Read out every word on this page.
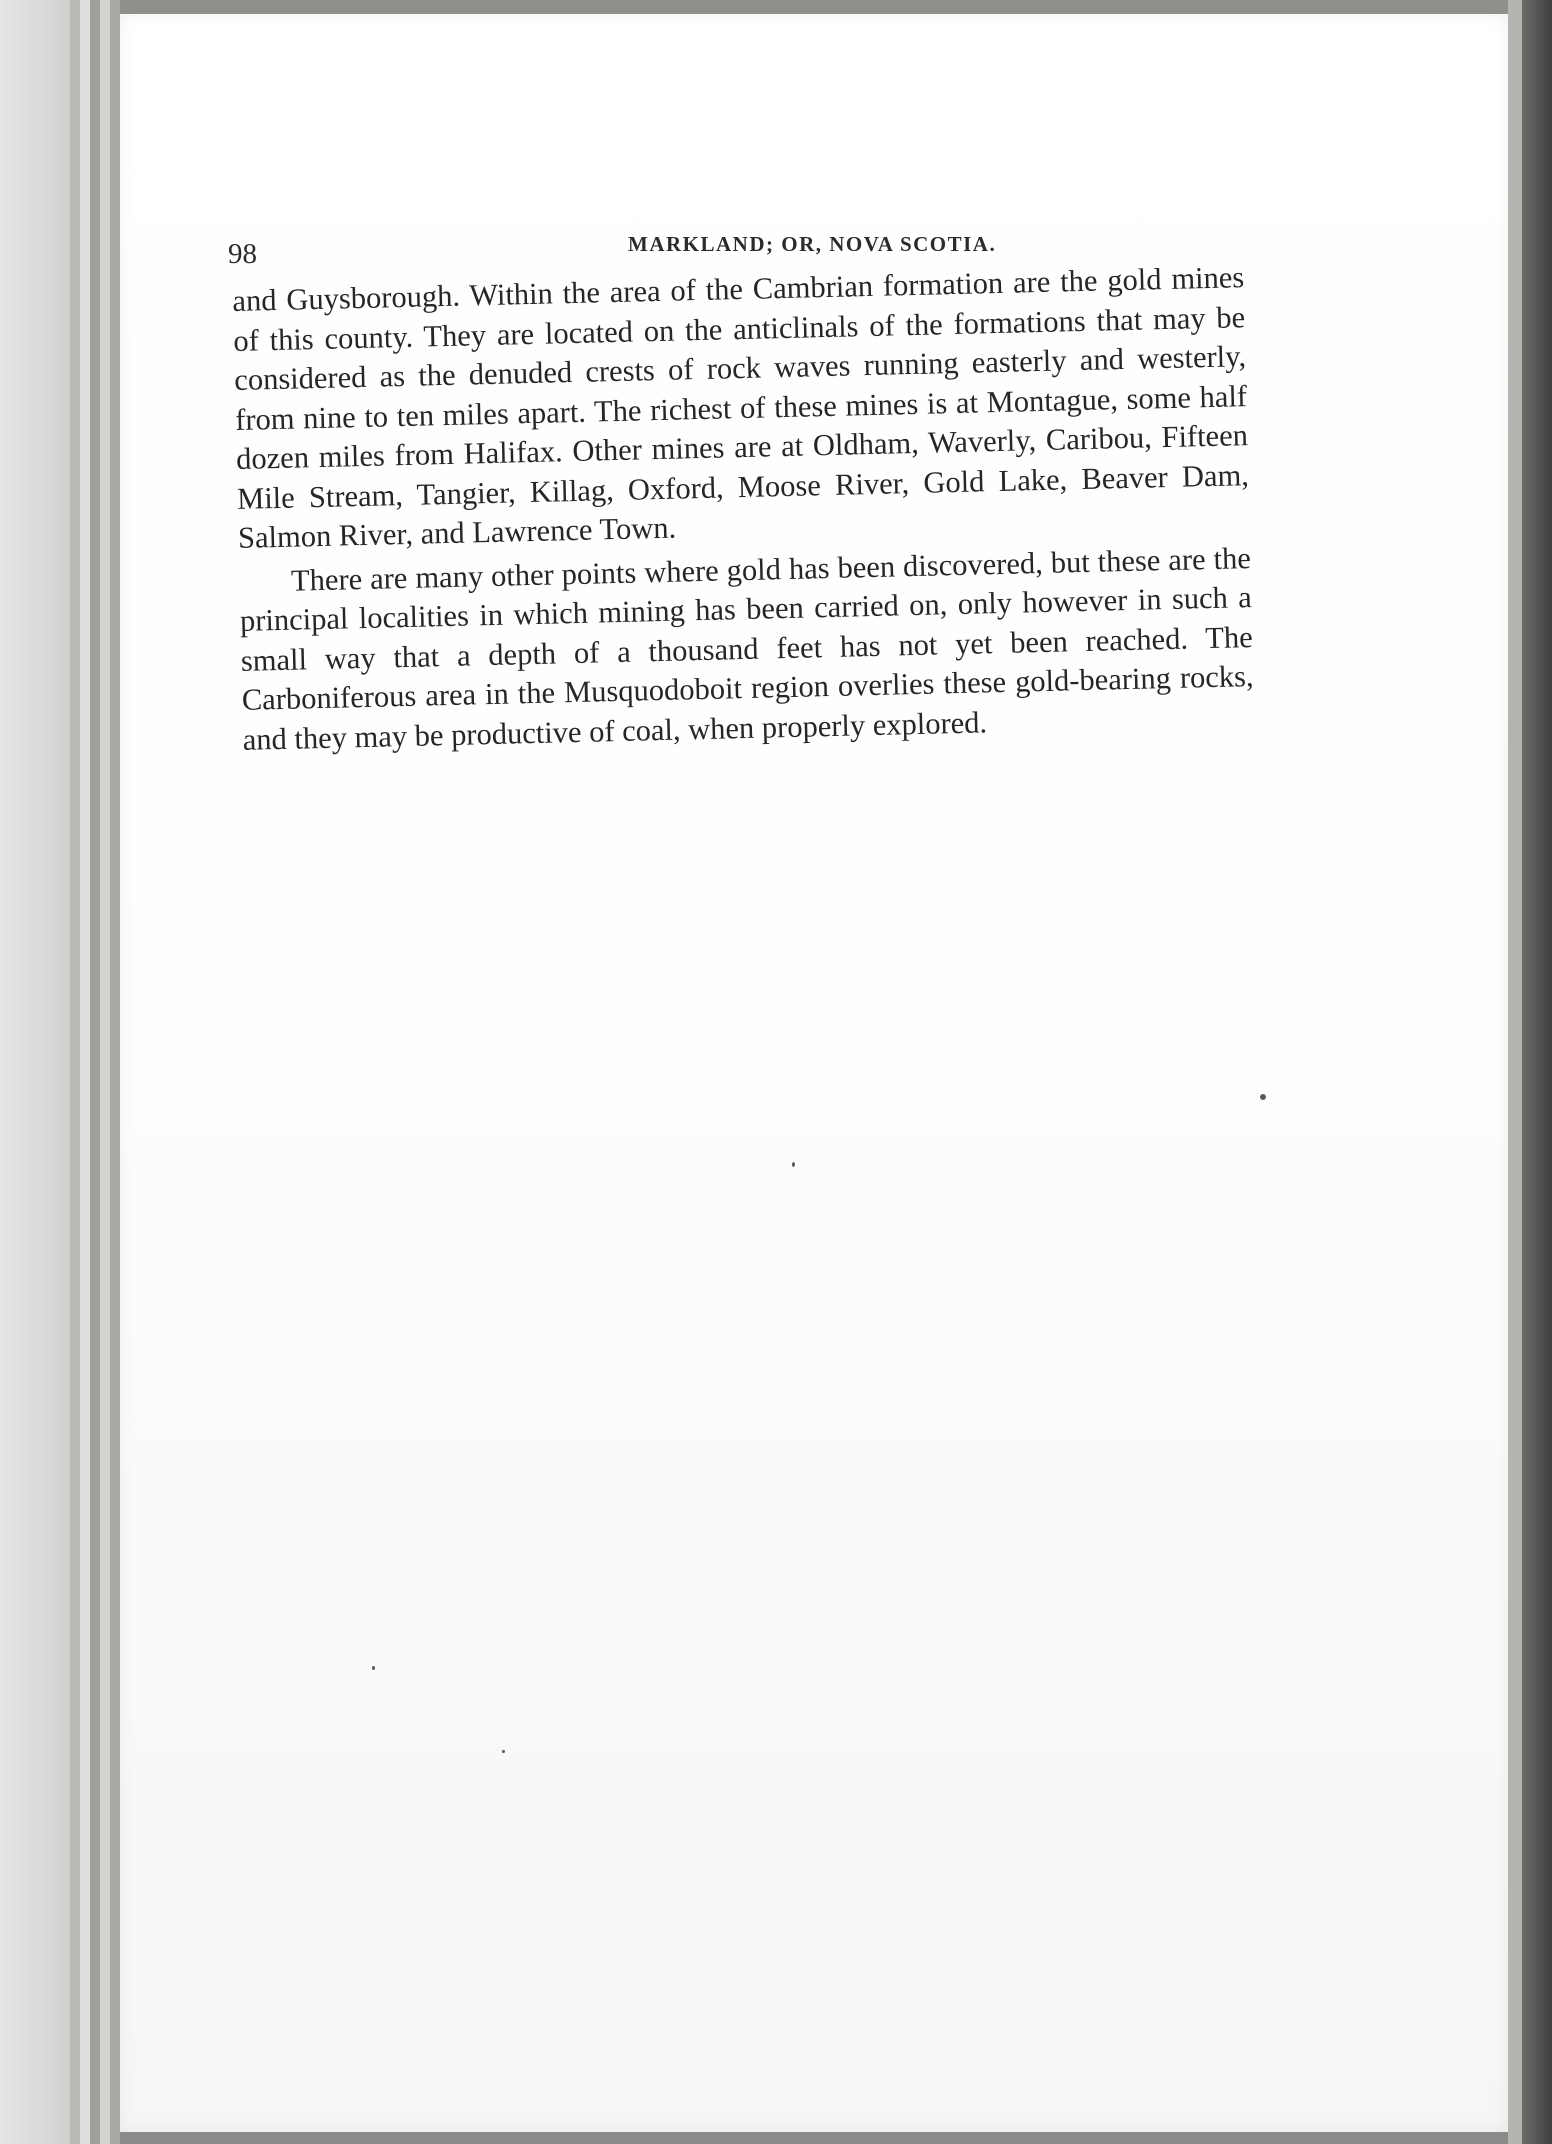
98	MARKLAND; OR, NOVA SCOTIA.

and Guysborough. Within the area of the Cambrian formation are the gold mines of this county. They are located on the anticlinals of the formations that may be considered as the denuded crests of rock waves running easterly and westerly, from nine to ten miles apart. The richest of these mines is at Montague, some half dozen miles from Halifax. Other mines are at Oldham, Waverly, Caribou, Fifteen Mile Stream, Tangier, Killag, Oxford, Moose River, Gold Lake, Beaver Dam, Salmon River, and Lawrence Town.

There are many other points where gold has been discovered, but these are the principal localities in which mining has been carried on, only however in such a small way that a depth of a thousand feet has not yet been reached. The Carboniferous area in the Musquodoboit region overlies these gold-bearing rocks, and they may be productive of coal, when properly explored.
